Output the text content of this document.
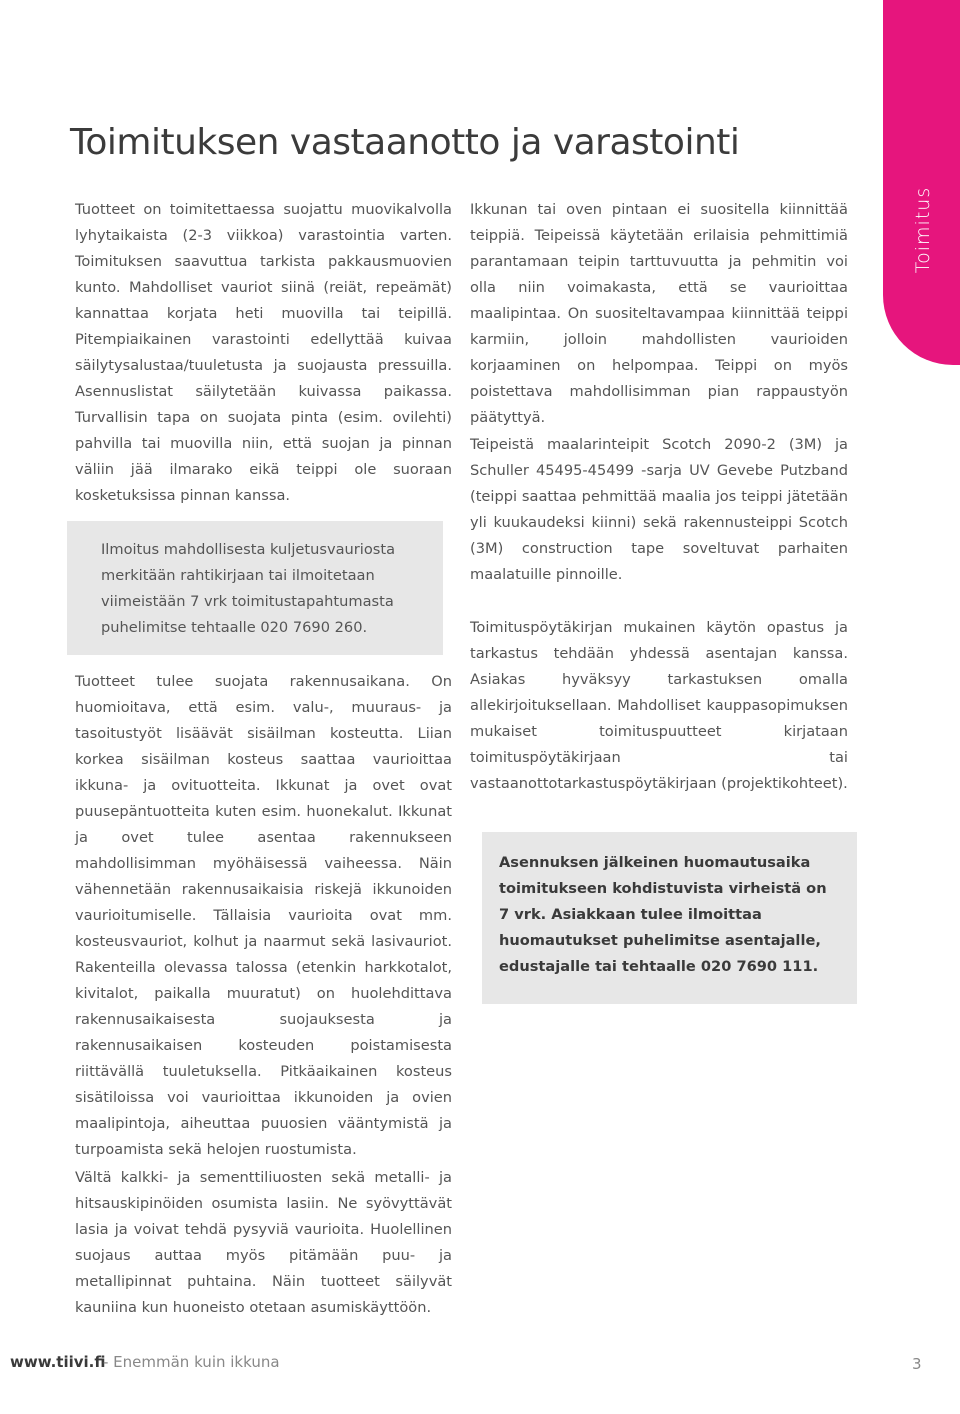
Toimitus
Toimituksen vastaanotto ja varastointi

Tuotteet on toimitettaessa suojattu muovikalvolla lyhytaikaista (2-3 viikkoa) varastointia varten. Toimituksen saavuttua tarkista pakkausmuovien kunto. Mahdolliset vauriot siinä (reiät, repeämät) kannattaa korjata heti muovilla tai teipillä. Pitempiaikainen varastointi edellyttää kuivaa säilytysalustaa/tuuletusta ja suojausta pressuilla. Asennuslistat säilytetään kuivassa paikassa. Turvallisin tapa on suojata pinta (esim. ovilehti) pahvilla tai muovilla niin, että suojan ja pinnan väliin jää ilmarako eikä teippi ole suoraan kosketuksissa pinnan kanssa.

Ilmoitus mahdollisesta kuljetusvauriosta merkitään rahtikirjaan tai ilmoitetaan viimeistään 7 vrk toimitustapahtumasta puhelimitse tehtaalle 020 7690 260.

Tuotteet tulee suojata rakennusaikana. On huomioitava, että esim. valu-, muuraus- ja tasoitustyöt lisäävät sisäilman kosteutta. Liian korkea sisäilman kosteus saattaa vaurioittaa ikkuna- ja ovituotteita. Ikkunat ja ovet ovat puusepäntuotteita kuten esim. huonekalut. Ikkunat ja ovet tulee asentaa rakennukseen mahdollisimman myöhäisessä vaiheessa. Näin vähennetään rakennusaikaisia riskejä ikkunoiden vaurioitumiselle. Tällaisia vaurioita ovat mm. kosteusvauriot, kolhut ja naarmut sekä lasivauriot. Rakenteilla olevassa talossa (etenkin harkkotalot, kivitalot, paikalla muuratut) on huolehdittava rakennusaikaisesta suojauksesta ja rakennusaikaisen kosteuden poistamisesta riittävällä tuuletuksella. Pitkäaikainen kosteus sisätiloissa voi vaurioittaa ikkunoiden ja ovien maalipintoja, aiheuttaa puuosien vääntymistä ja turpoamista sekä helojen ruostumista.

Vältä kalkki- ja sementtiliuosten sekä metalli- ja hitsauskipinöiden osumista lasiin. Ne syövyttävät lasia ja voivat tehdä pysyviä vaurioita. Huolellinen suojaus auttaa myös pitämään puu- ja metallipinnat puhtaina. Näin tuotteet säilyvät kauniina kun huoneisto otetaan asumiskäyttöön.

Ikkunan tai oven pintaan ei suositella kiinnittää teippiä. Teipeissä käytetään erilaisia pehmittimiä parantamaan teipin tarttuvuutta ja pehmitin voi olla niin voimakasta, että se vaurioittaa maalipintaa. On suositeltavampaa kiinnittää teippi karmiin, jolloin mahdollisten vaurioiden korjaaminen on helpompaa. Teippi on myös poistettava mahdollisimman pian rappaustyön päätyttyä.

Teipeistä maalarinteipit Scotch 2090-2 (3M) ja Schuller 45495-45499 -sarja UV Gevebe Putzband (teippi saattaa pehmittää maalia jos teippi jätetään yli kuukaudeksi kiinni) sekä rakennusteippi Scotch (3M) construction tape soveltuvat parhaiten maalatuille pinnoille.

Toimituspöytäkirjan mukainen käytön opastus ja tarkastus tehdään yhdessä asentajan kanssa. Asiakas hyväksyy tarkastuksen omalla allekirjoituksellaan. Mahdolliset kauppasopimuksen mukaiset toimituspuutteet kirjataan toimituspöytäkirjaan tai vastaanottotarkastuspöytäkirjaan (projektikohteet).

Asennuksen jälkeinen huomautusaika toimitukseen kohdistuvista virheistä on 7 vrk. Asiakkaan tulee ilmoittaa huomautukset puhelimitse asentajalle, edustajalle tai tehtaalle 020 7690 111.

www.tiivi.fi
- Enemmän kuin ikkuna	3
